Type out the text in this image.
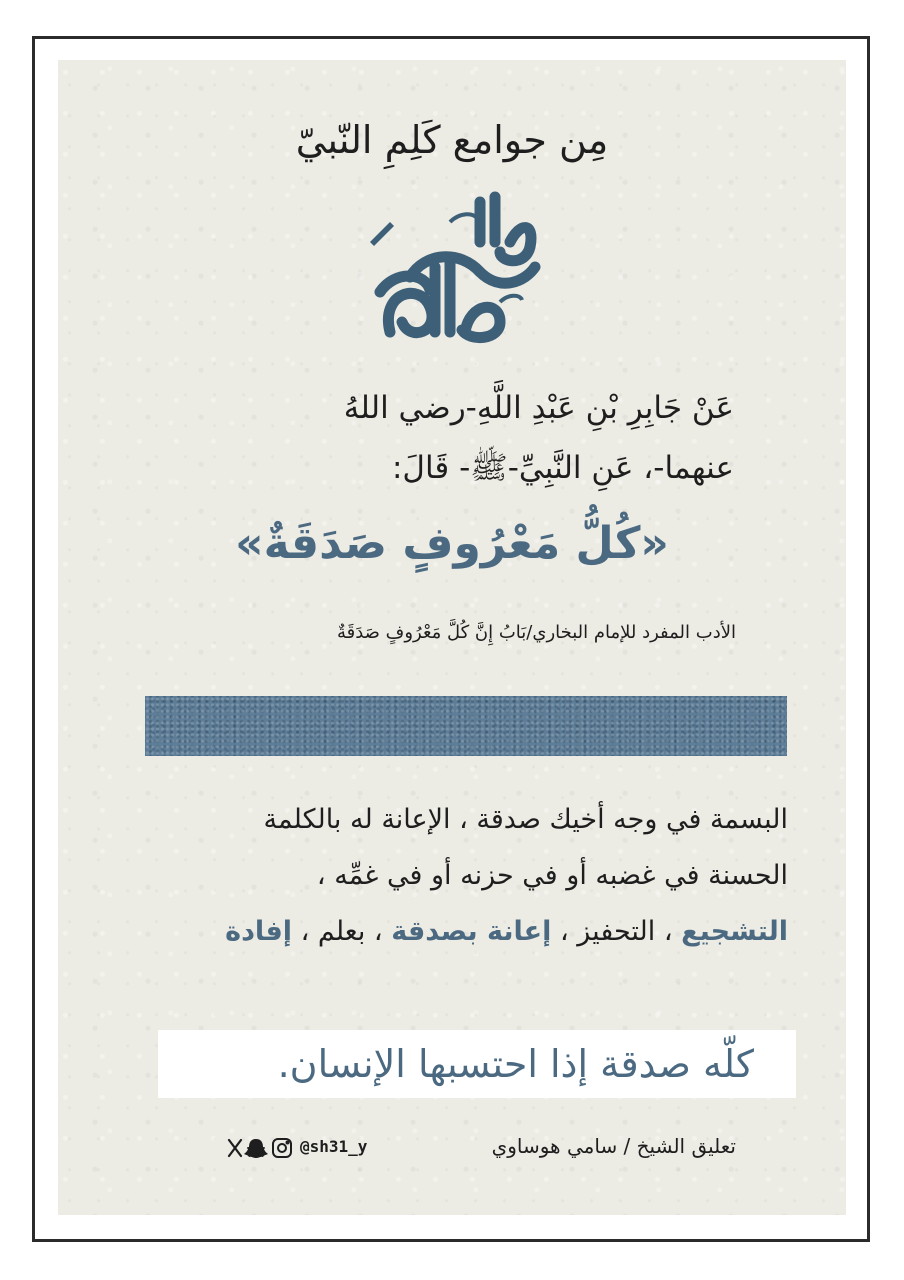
مِن جوامع كَلِمِ النّبيّ
عَنْ جَابِرِ بْنِ عَبْدِ اللَّهِ-رضي اللهُ
عنهما-، عَنِ النَّبِيِّ-ﷺ- قَالَ:
«كُلُّ مَعْرُوفٍ صَدَقَةٌ»
الأدب المفرد للإمام البخاري/بَابُ إِنَّ كُلَّ مَعْرُوفٍ صَدَقَةٌ
البسمة في وجه أخيك صدقة ، الإعانة له بالكلمة
الحسنة في غضبه أو في حزنه أو في غمِّه ،
التشجيع ، التحفيز ، إعانة بصدقة ، بعلم ، إفادة
كلّه صدقة إذا احتسبها الإنسان.
تعليق الشيخ / سامي هوساوي
@sh31_y
